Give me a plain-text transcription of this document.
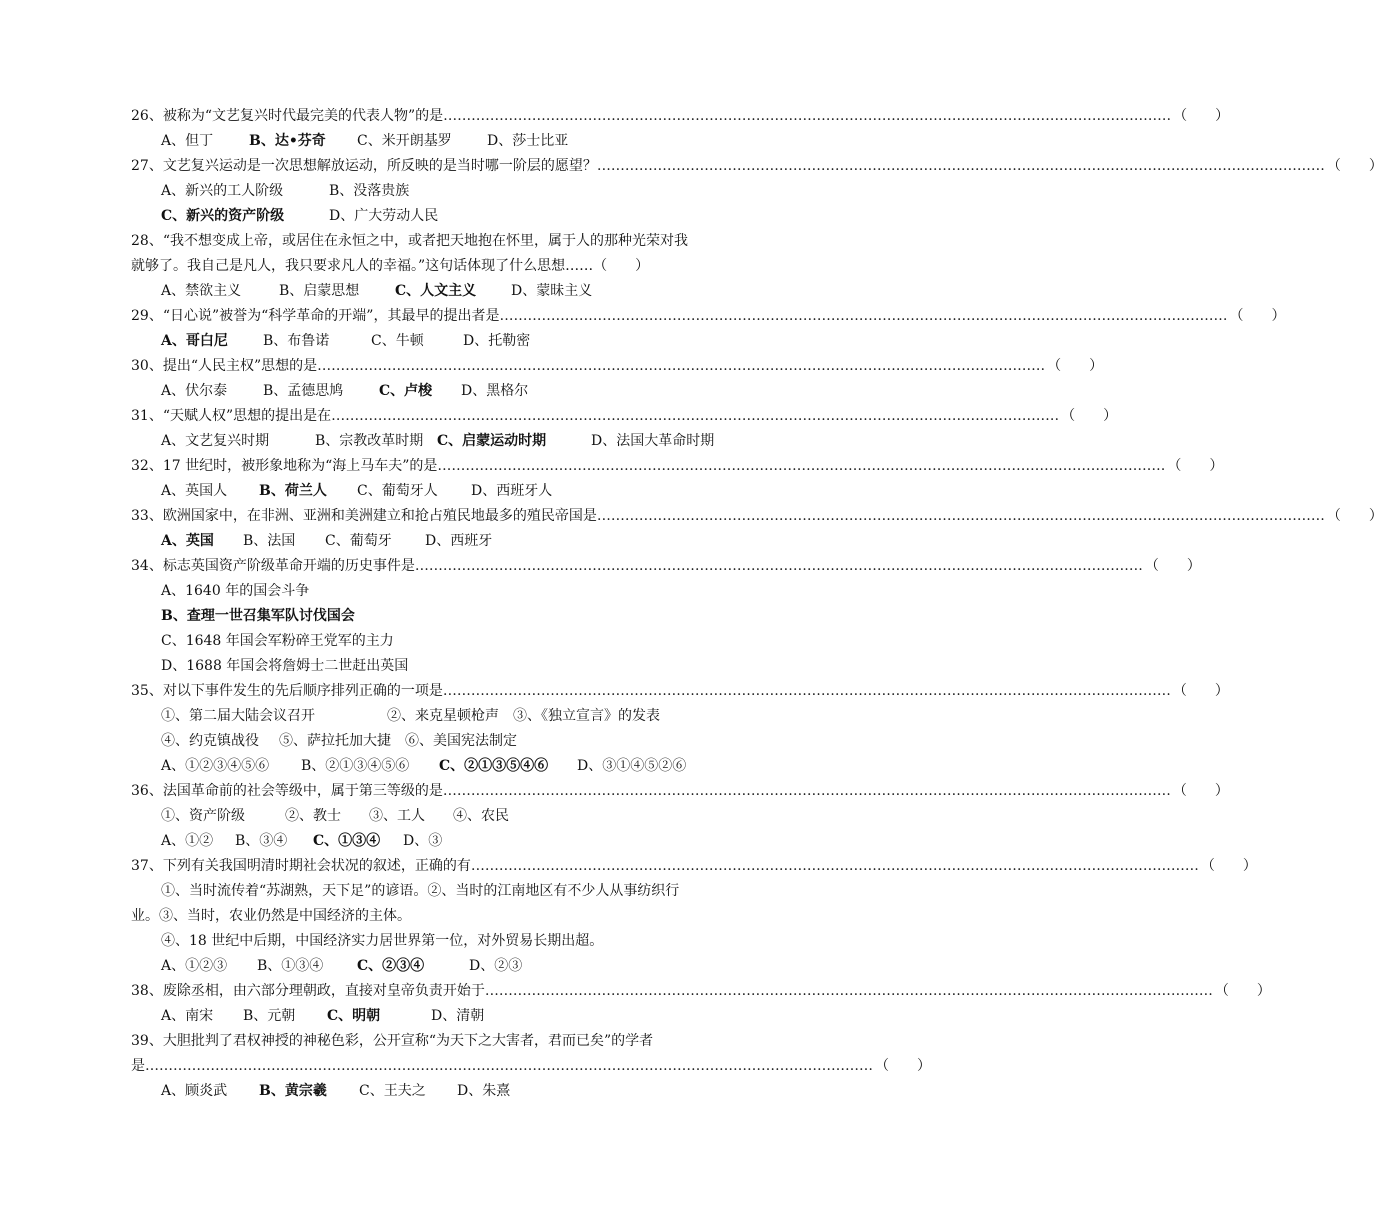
26、被称为“文艺复兴时代最完美的代表人物”的是 ………………………………………………………………………………………………………………………………………… （　　）
A、但丁	B、达•芬奇 C、米开朗基罗	D、莎士比亚
27、文艺复兴运动是一次思想解放运动，所反映的是当时哪一阶层的愿望？ ………………………………………………………………………………………………………………………………………… （　　）
A、新兴的工人阶级	B、没落贵族
C、新兴的资产阶级	D、广大劳动人民
28、“我不想变成上帝，或居住在永恒之中，或者把天地抱在怀里，属于人的那种光荣对我
就够了。我自己是凡人，我只要求凡人的幸福。”这句话体现了什么思想……（　　）
A、禁欲主义	B、启蒙思想	C、人文主义 D、蒙昧主义
29、“日心说”被誉为“科学革命的开端”，其最早的提出者是 ………………………………………………………………………………………………………………………………………… （　　）
A、哥白尼	B、布鲁诺	C、牛顿	D、托勒密
30、提出“人民主权”思想的是 ………………………………………………………………………………………………………………………………………… （　　）
A、伏尔泰	B、孟德思鸠	C、卢梭 D、黑格尔
31、“天赋人权”思想的提出是在 ………………………………………………………………………………………………………………………………………… （　　）
A、文艺复兴时期	B、宗教改革时期 C、启蒙运动时期	D、法国大革命时期
32、17 世纪时，被形象地称为“海上马车夫”的是 ………………………………………………………………………………………………………………………………………… （　　）
A、英国人 B、荷兰人 C、葡萄牙人 D、西班牙人
33、欧洲国家中，在非洲、亚洲和美洲建立和抢占殖民地最多的殖民帝国是 ………………………………………………………………………………………………………………………………………… （　　）
A、英国 B、法国 C、葡萄牙 D、西班牙
34、标志英国资产阶级革命开端的历史事件是 ………………………………………………………………………………………………………………………………………… （　　）
A、1640 年的国会斗争
B、查理一世召集军队讨伐国会
C、1648 年国会军粉碎王党军的主力
D、1688 年国会将詹姆士二世赶出英国
35、对以下事件发生的先后顺序排列正确的一项是 ………………………………………………………………………………………………………………………………………… （　　）
①、第二届大陆会议召开	②、来克星顿枪声 ③、《独立宣言》的发表
④、约克镇战役 ⑤、萨拉托加大捷 ⑥、美国宪法制定
A、①②③④⑤⑥ B、②①③④⑤⑥ C、②①③⑤④⑥ D、③①④⑤②⑥
36、法国革命前的社会等级中，属于第三等级的是 ………………………………………………………………………………………………………………………………………… （　　）
①、资产阶级	②、教士 ③、工人 ④、农民
A、①② B、③④ C、①③④ D、③
37、下列有关我国明清时期社会状况的叙述，正确的有 ………………………………………………………………………………………………………………………………………… （　　）
①、当时流传着“苏湖熟，天下足”的谚语。②、当时的江南地区有不少人从事纺织行
业。③、当时，农业仍然是中国经济的主体。
④、18 世纪中后期，中国经济实力居世界第一位，对外贸易长期出超。
A、①②③ B、①③④ C、②③④	D、②③
38、废除丞相，由六部分理朝政，直接对皇帝负责开始于 ………………………………………………………………………………………………………………………………………… （　　）
A、南宋 B、元朝 C、明朝	D、清朝
39、大胆批判了君权神授的神秘色彩，公开宣称“为天下之大害者，君而已矣”的学者
是 ………………………………………………………………………………………………………………………………………… （　　）
A、顾炎武 B、黄宗羲 C、王夫之 D、朱熹
